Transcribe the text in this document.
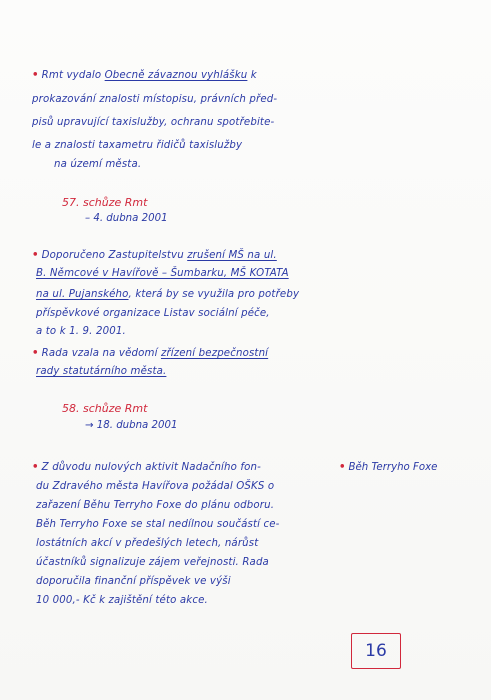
• Rmt vydalo Obecně závaznou vyhlášku k
prokazování znalosti místopisu, právních před-
pisů upravující taxislužby, ochranu spotřebite-
le a znalosti taxametru řidičů taxislužby
na území města.
57. schůze Rmt
– 4. dubna 2001
• Doporučeno Zastupitelstvu zrušení MŠ na ul.
B. Němcové v Havířově – Šumbarku, MŠ KOTATA
na ul. Pujanského, která by se využila pro potřeby
příspěvkové organizace Listav sociální péče,
a to k 1. 9. 2001.
• Rada vzala na vědomí zřízení bezpečnostní
rady statutárního města.
58. schůze Rmt
→ 18. dubna 2001
• Z důvodu nulových aktivit Nadačního fon-
du Zdravého města Havířova požádal OŠKS o
zařazení Běhu Terryho Foxe do plánu odboru.
Běh Terryho Foxe se stal nedílnou součástí ce-
lostátních akcí v předešlých letech, nárůst
účastníků signalizuje zájem veřejnosti. Rada
doporučila finanční příspěvek ve výši
10 000,- Kč k zajištění této akce.
• Běh Terryho Foxe
16
